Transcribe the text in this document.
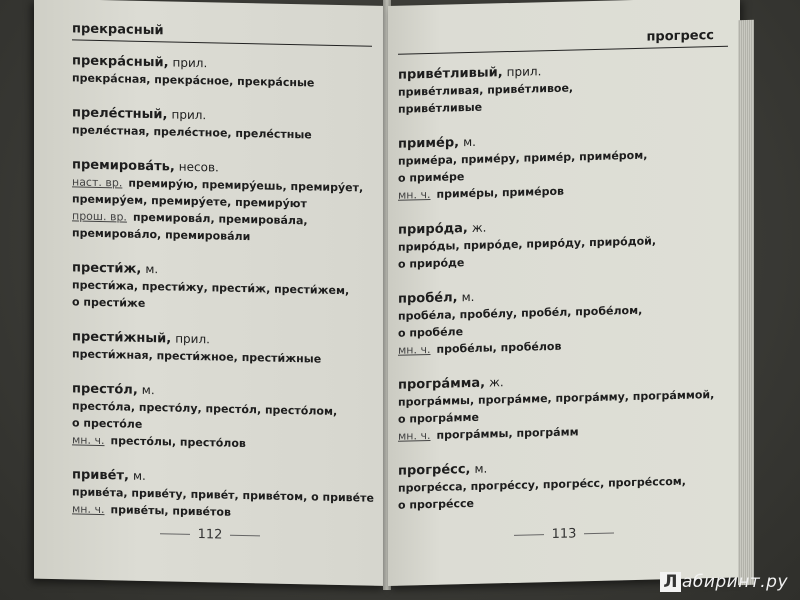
прекрасный
прекра́сный, прил.
прекра́сная, прекра́сное, прекра́сные
преле́стный, прил.
преле́стная, преле́стное, преле́стные
премирова́ть, несов.
наст. вр. премиру́ю, премиру́ешь, премиру́ет,
премиру́ем, премиру́ете, премиру́ют
прош. вр. премирова́л, премирова́ла,
премирова́ло, премирова́ли
прести́ж, м.
прести́жа, прести́жу, прести́ж, прести́жем,
о прести́же
прести́жный, прил.
прести́жная, прести́жное, прести́жные
престо́л, м.
престо́ла, престо́лу, престо́л, престо́лом,
о престо́ле
мн. ч. престо́лы, престо́лов
приве́т, м.
приве́та, приве́ту, приве́т, приве́том, о приве́те
мн. ч. приве́ты, приве́тов
112
прогресс
приве́тливый, прил.
приве́тливая, приве́тливое,
приве́тливые
приме́р, м.
приме́ра, приме́ру, приме́р, приме́ром,
о приме́ре
мн. ч. приме́ры, приме́ров
приро́да, ж.
приро́ды, приро́де, приро́ду, приро́дой,
о приро́де
пробе́л, м.
пробе́ла, пробе́лу, пробе́л, пробе́лом,
о пробе́ле
мн. ч. пробе́лы, пробе́лов
програ́мма, ж.
програ́ммы, програ́мме, програ́мму, програ́ммой,
о програ́мме
мн. ч. програ́ммы, програ́мм
прогре́сс, м.
прогре́сса, прогре́ссу, прогре́сс, прогре́ссом,
о прогре́ссе
113
Л абиринт.ру
